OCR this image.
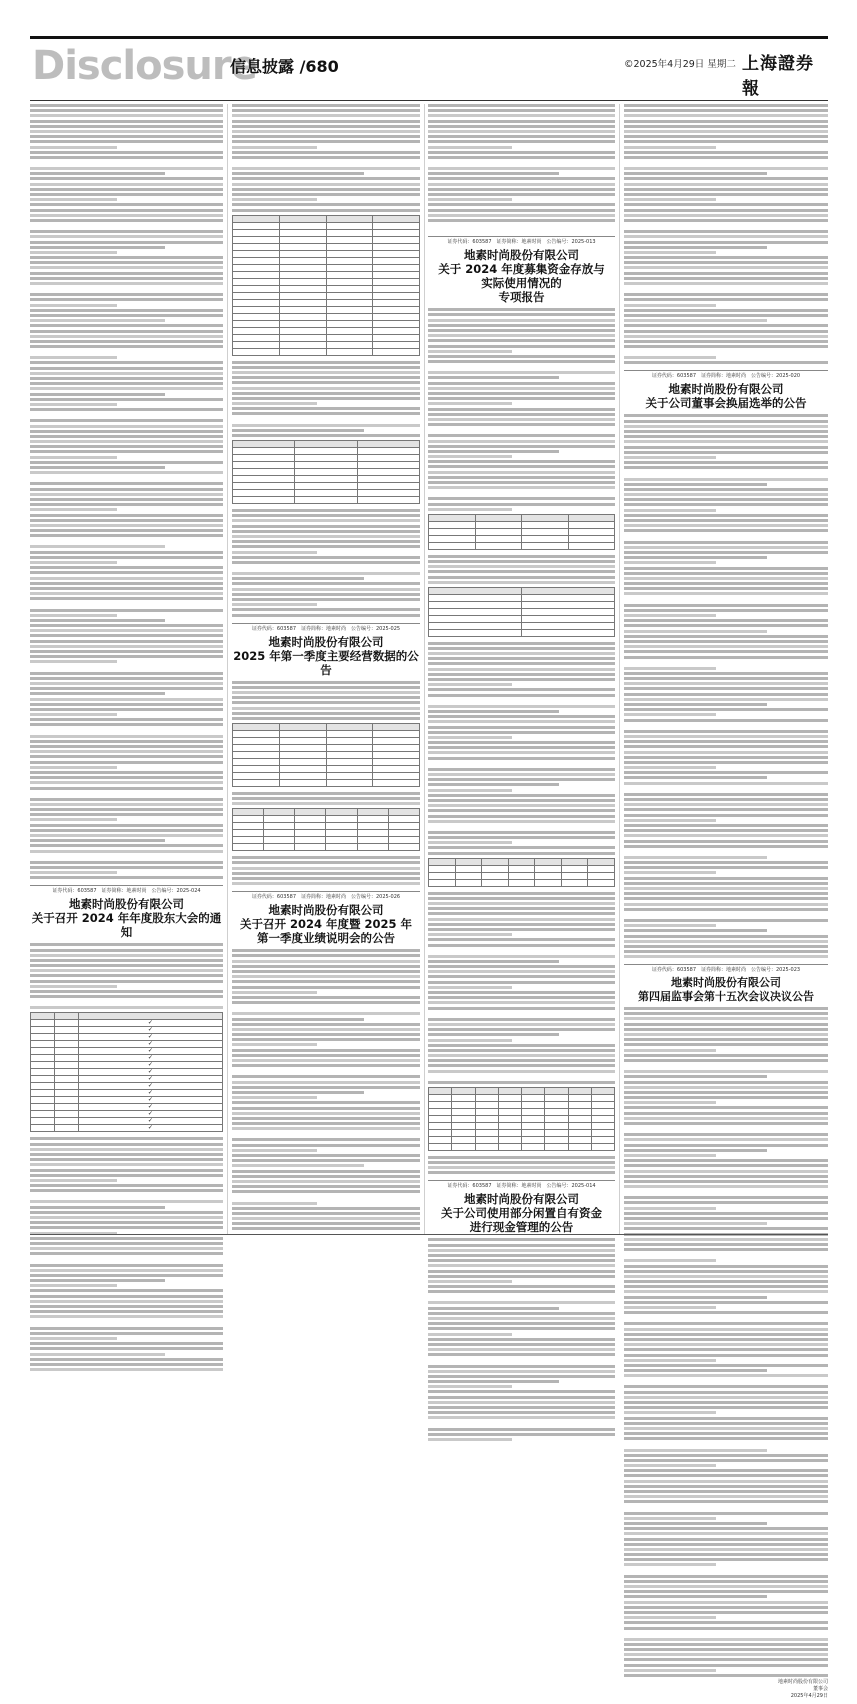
Disclosure
信息披露 /680	©2025年4月29日 星期二 上海證券報
证券代码：603587　证券简称：地素时尚　公告编号：2025-024
地素时尚股份有限公司
关于召开 2024 年年度股东大会的通知

		✓
		✓
		✓
		✓
		✓
		✓
		✓
		✓
		✓
		✓
		✓
		✓
		✓
		✓
		✓
		✓

证券代码：603587　证券简称：地素时尚　公告编号：2025-025
地素时尚股份有限公司
2025 年第一季度主要经营数据的公告

证券代码：603587　证券简称：地素时尚　公告编号：2025-026
地素时尚股份有限公司
关于召开 2024 年度暨 2025 年
第一季度业绩说明会的公告
证券代码：603587　证券简称：地素时尚　公告编号：2025-013
地素时尚股份有限公司
关于 2024 年度募集资金存放与
实际使用情况的
专项报告

证券代码：603587　证券简称：地素时尚　公告编号：2025-014
地素时尚股份有限公司
关于公司使用部分闲置自有资金
进行现金管理的公告
证券代码：603587　证券简称：地素时尚　公告编号：2025-020
地素时尚股份有限公司
关于公司董事会换届选举的公告
证券代码：603587　证券简称：地素时尚　公告编号：2025-023
地素时尚股份有限公司
第四届监事会第十五次会议决议公告
地素时尚股份有限公司
董事会
2025年4月29日
